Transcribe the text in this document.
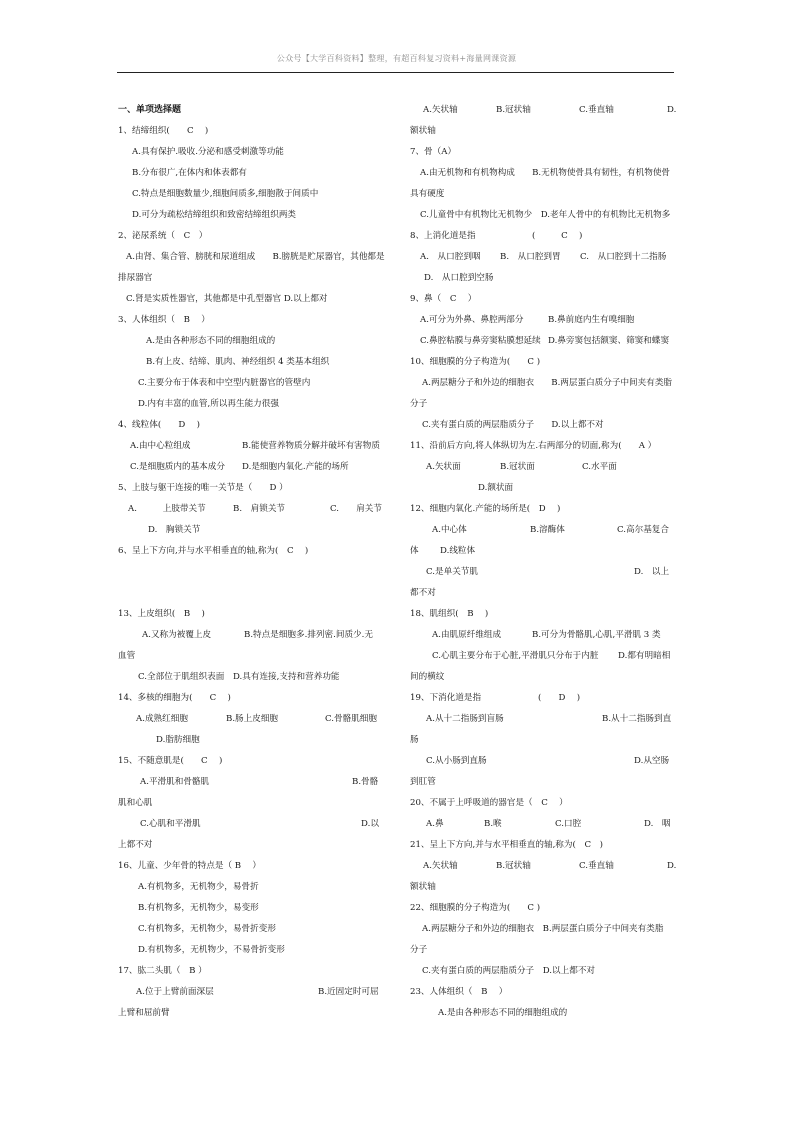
公众号【大学百科资料】整理，有超百科复习资料+海量网课资源
一、单项选择题
1、结缔组织(　　C　 )
A.具有保护.吸收.分泌和感受刺激等功能
B.分布很广,在体内和体表都有
C.特点是细胞数量少,细胞间质多,细胞散于间质中
D.可分为疏松结缔组织和致密结缔组织两类
2、泌尿系统（　C　）
A.由肾、集合管、膀胱和尿道组成　　B.膀胱是贮尿器官，其他都是
排尿器官
C.肾是实质性器官，其他都是中孔型器官 D.以上都对
3、人体组织（　B　 ）
A.是由各种形态不同的细胞组成的
B.有上皮、结缔、肌肉、神经组织 4 类基本组织
C.主要分布于体表和中空型内脏器官的管壁内
D.内有丰富的血管,所以再生能力很强
4、线粒体(　　D　 )
A.由中心粒组成	B.能使营养物质分解并破坏有害物质
C.是细胞质内的基本成分 D.是细胞内氧化.产能的场所
5、上肢与躯干连接的唯一关节是（　　D ）
A.　　　上肢带关节	B.　肩锁关节	C.　　肩关节
D.　胸锁关节
6、呈上下方向,并与水平相垂直的轴,称为(　C　 )
13、上皮组织(　B　 )
A.又称为被覆上皮	B.特点是细胞多.排列密.间质少.无
血管
C.全部位于肌组织表面　D.具有连接,支持和营养功能
14、多核的细胞为(　　C　 )
A.成熟红细胞	B.肠上皮细胞	C.骨骼肌细胞
D.脂肪细胞
15、不随意肌是(　　C　 )
A.平滑肌和骨骼肌	B.骨骼
肌和心肌
C.心肌和平滑肌	D.以
上都不对
16、儿童、少年骨的特点是（ B　 ）
A.有机物多，无机物少，易骨折
B.有机物多，无机物少，易变形
C.有机物多，无机物少，易骨折变形
D.有机物多，无机物少，不易骨折变形
17、肱二头肌（　B ）
A.位于上臂前面深层	B.近固定时可屈
上臂和屈前臂
A.矢状轴	B.冠状轴	C.垂直轴	D.
额状轴
7、骨（A）
A.由无机物和有机物构成　　B.无机物使骨具有韧性，有机物使骨
具有硬度
C.儿童骨中有机物比无机物少　D.老年人骨中的有机物比无机物多
8、上消化道是指	(　　　C　 )
A.　从口腔到咽 B.　从口腔到胃 C.　从口腔到十二指肠
D.　从口腔到空肠
9、鼻（　C　 ）
A.可分为外鼻、鼻腔两部分	B.鼻前庭内生有嗅细胞
C.鼻腔粘膜与鼻旁窦粘膜想延续 D.鼻旁窦包括额窦、筛窦和蝶窦
10、细胞膜的分子构造为(　　C )
A.两层糖分子和外边的细胞衣　　B.两层蛋白质分子中间夹有类脂
分子
C.夹有蛋白质的两层脂质分子　　D.以上都不对
11、沿前后方向,将人体纵切为左.右两部分的切面,称为(　　A ）
A.矢状面	B.冠状面	C.水平面
D.额状面
12、细胞内氧化.产能的场所是(　D　 )
A.中心体	B.溶酶体	C.高尔基复合
体 D.线粒体
C.是单关节肌	D.　以上
都不对
18、肌组织(　B　 )
A.由肌原纤维组成	B.可分为骨骼肌,心肌,平滑肌 3 类
C.心肌主要分布于心脏,平滑肌只分布于内脏 D.都有明暗相
间的横纹
19、下消化道是指	(　　D　 )
A.从十二指肠到盲肠	B.从十二指肠到直
肠
C.从小肠到直肠	D.从空肠
到肛管
20、不属于上呼吸道的器官是（　C　 ）
A.鼻	B.喉	C.口腔	D.　咽
21、呈上下方向,并与水平相垂直的轴,称为(　C　)
A.矢状轴	B.冠状轴	C.垂直轴	D.
额状轴
22、细胞膜的分子构造为(　　C )
A.两层糖分子和外边的细胞衣　B.两层蛋白质分子中间夹有类脂
分子
C.夹有蛋白质的两层脂质分子　D.以上都不对
23、人体组织（　B　 ）
A.是由各种形态不同的细胞组成的
